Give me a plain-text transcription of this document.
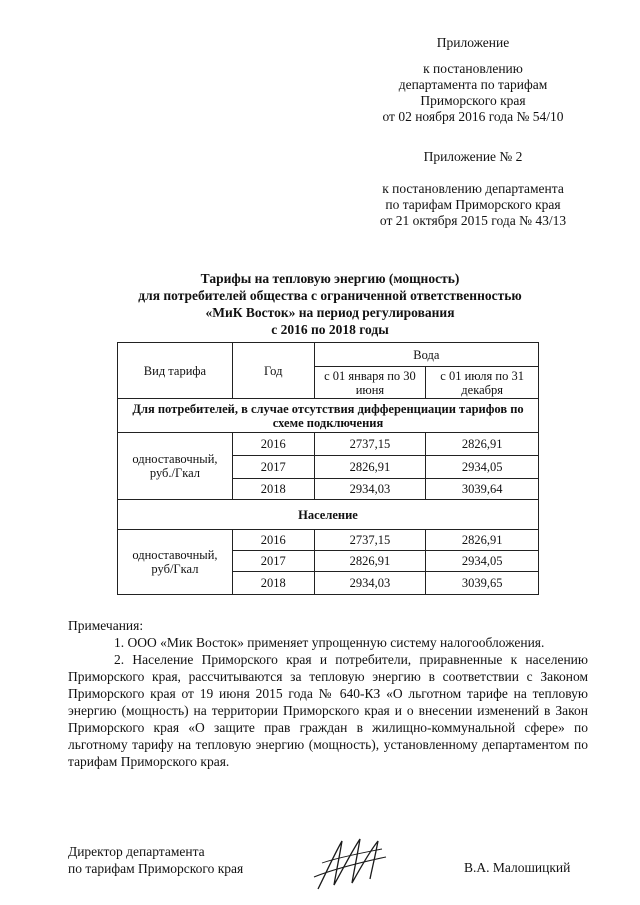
Приложение
к постановлению
департамента по тарифам
Приморского края
от 02 ноября 2016 года № 54/10
Приложение № 2
к постановлению департамента
по тарифам Приморского края
от 21 октября 2015 года № 43/13
Тарифы на тепловую энергию (мощность)
для потребителей общества с ограниченной ответственностью
«МиК Восток» на период регулирования
с 2016 по 2018 годы
Вид тарифа	Год	Вода	
		с 01 января по 30 июня	с 01 июля по 31 декабря
Для потребителей, в случае отсутствия дифференциации тарифов по схеме подключения			
одноставочный, руб./Гкал	2016	2737,15	2826,91
	2017	2826,91	2934,05
	2018	2934,03	3039,64
Население			
одноставочный, руб/Гкал	2016	2737,15	2826,91
	2017	2826,91	2934,05
	2018	2934,03	3039,65

Примечания:

1. ООО «Мик Восток» применяет упрощенную систему налогообложения.

2. Население Приморского края и потребители, приравненные к населению Приморского края, рассчитываются за тепловую энергию в соответствии с Законом Приморского края от 19 июня 2015 года № 640-КЗ «О льготном тарифе на тепловую энергию (мощность) на территории Приморского края и о внесении изменений в Закон Приморского края «О защите прав граждан в жилищно-коммунальной сфере» по льготному тарифу на тепловую энергию (мощность), установленному департаментом по тарифам Приморского края.

Директор департамента
по тарифам Приморского края	В.А. Малошицкий
